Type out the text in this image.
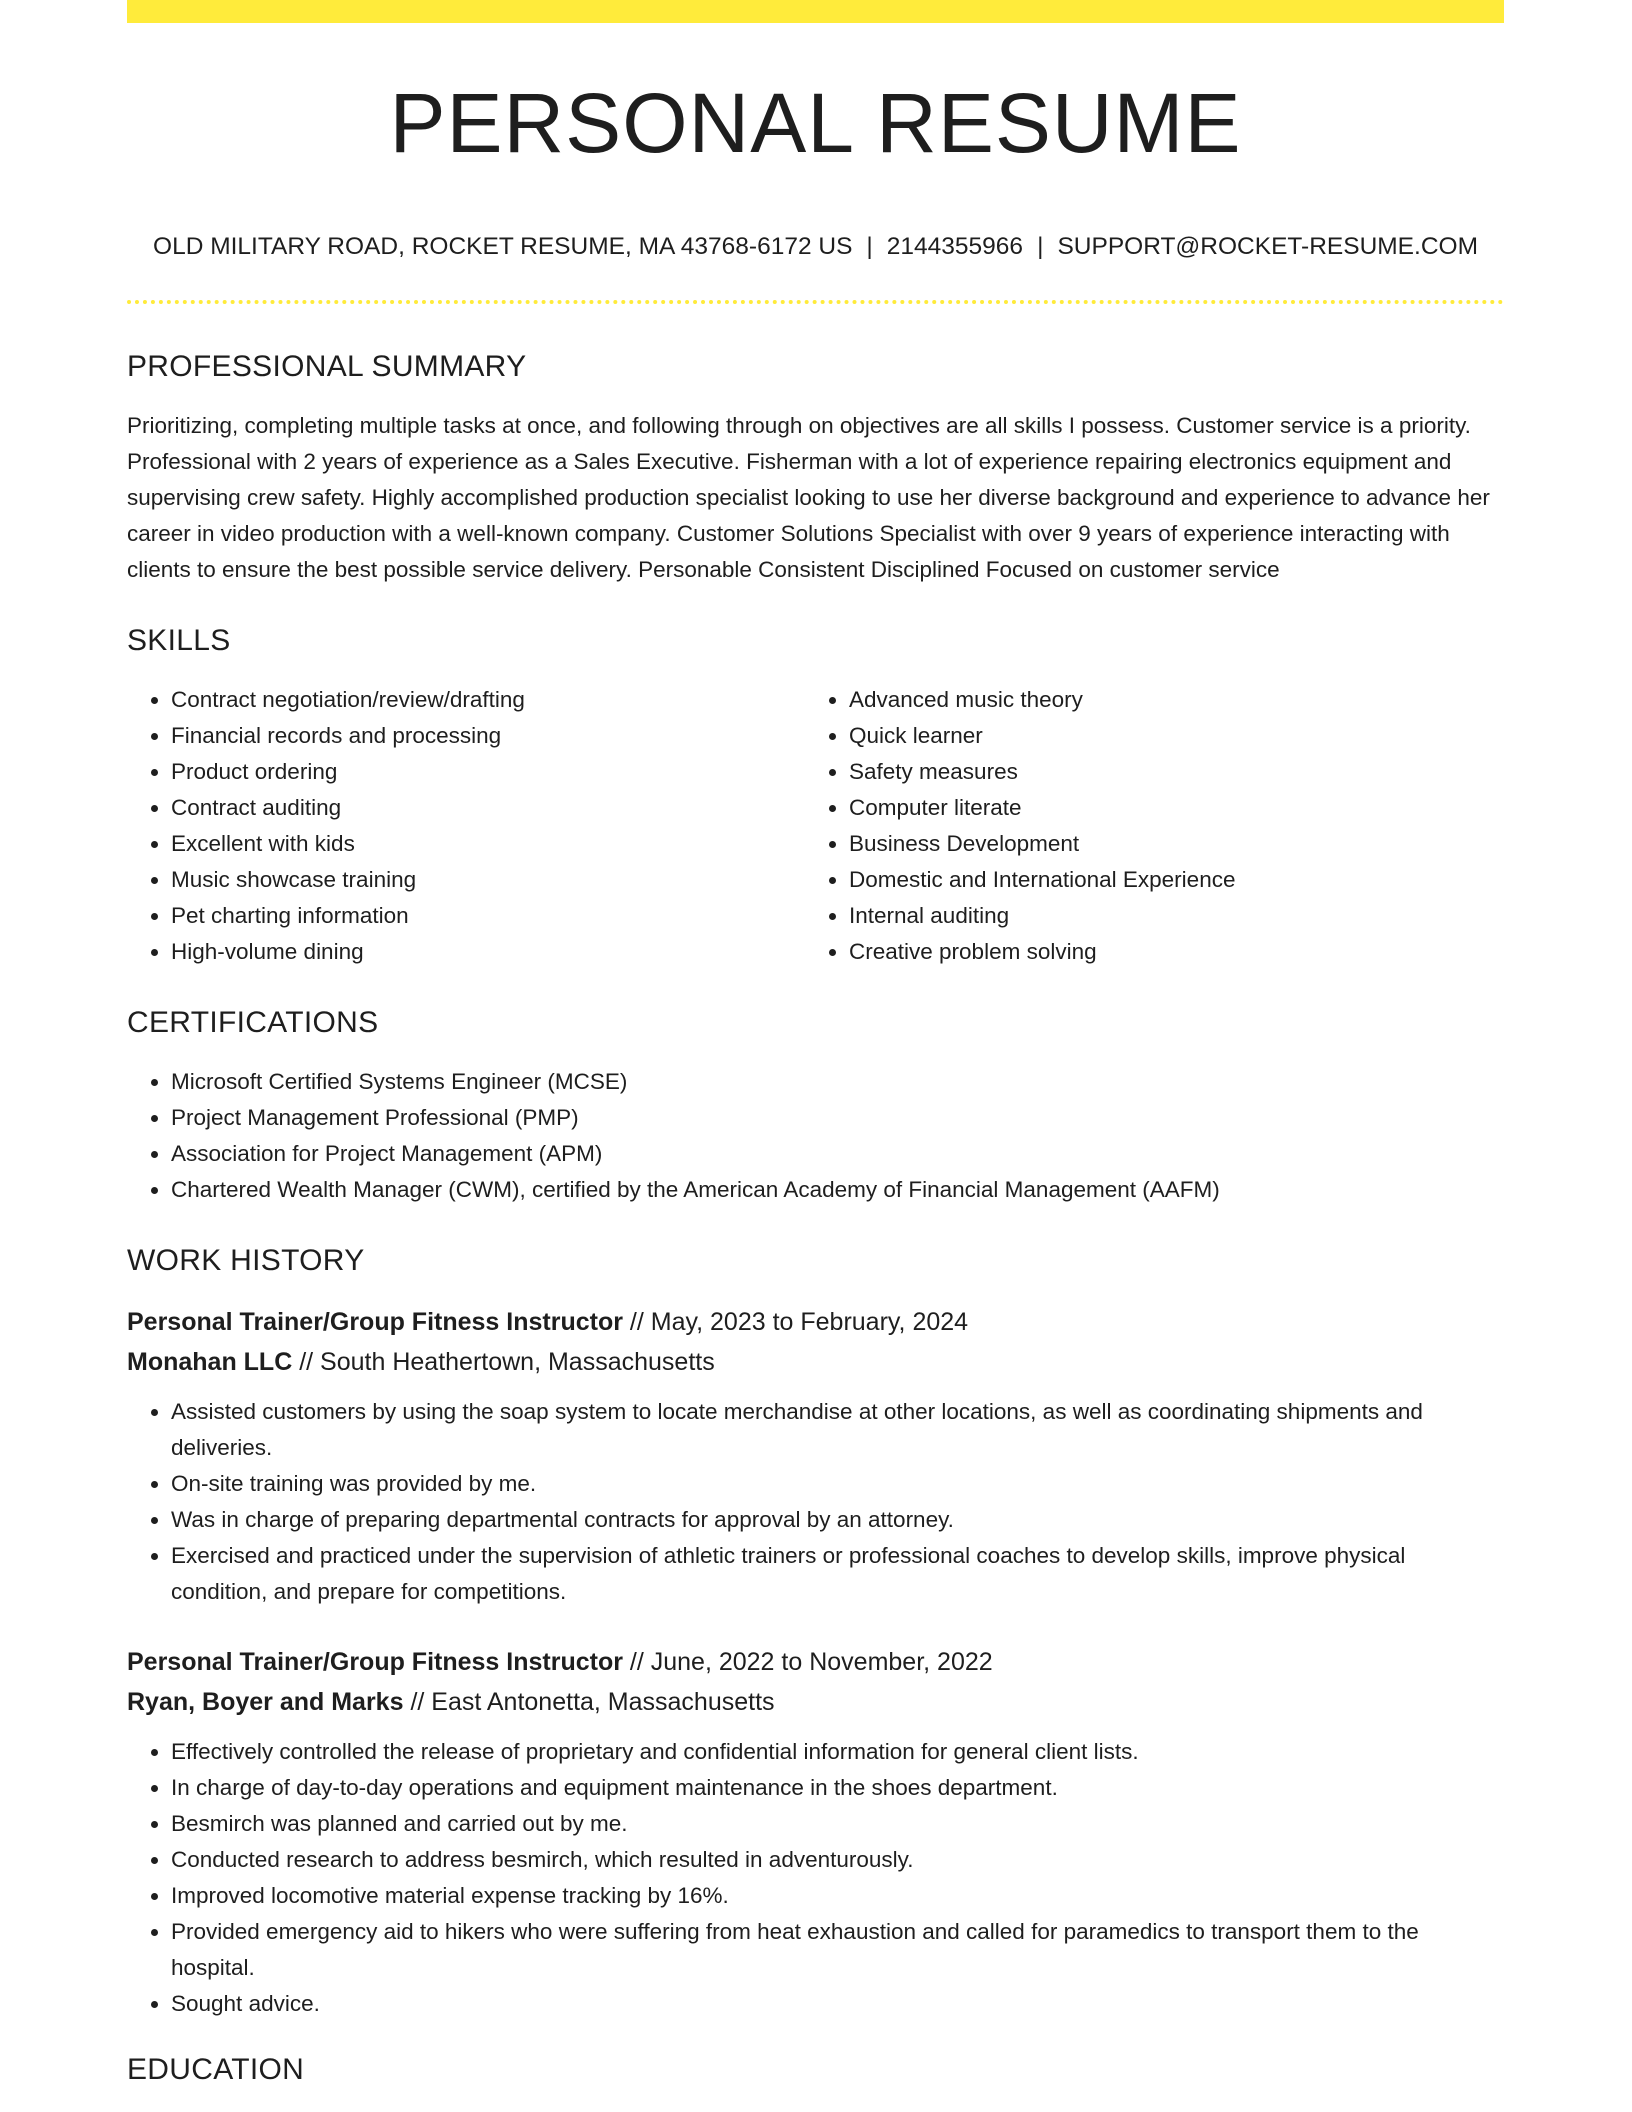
PERSONAL RESUME
OLD MILITARY ROAD, ROCKET RESUME, MA 43768-6172 US | 2144355966 | SUPPORT@ROCKET-RESUME.COM
PROFESSIONAL SUMMARY
Prioritizing, completing multiple tasks at once, and following through on objectives are all skills I possess. Customer service is a priority. Professional with 2 years of experience as a Sales Executive. Fisherman with a lot of experience repairing electronics equipment and supervising crew safety. Highly accomplished production specialist looking to use her diverse background and experience to advance her career in video production with a well-known company. Customer Solutions Specialist with over 9 years of experience interacting with clients to ensure the best possible service delivery. Personable Consistent Disciplined Focused on customer service
SKILLS
• Contract negotiation/review/drafting
• Financial records and processing
• Product ordering
• Contract auditing
• Excellent with kids
• Music showcase training
• Pet charting information
• High-volume dining
• Advanced music theory
• Quick learner
• Safety measures
• Computer literate
• Business Development
• Domestic and International Experience
• Internal auditing
• Creative problem solving
CERTIFICATIONS
• Microsoft Certified Systems Engineer (MCSE)
• Project Management Professional (PMP)
• Association for Project Management (APM)
• Chartered Wealth Manager (CWM), certified by the American Academy of Financial Management (AAFM)
WORK HISTORY
Personal Trainer/Group Fitness Instructor // May, 2023 to February, 2024
Monahan LLC // South Heathertown, Massachusetts
• Assisted customers by using the soap system to locate merchandise at other locations, as well as coordinating shipments and deliveries.
• On-site training was provided by me.
• Was in charge of preparing departmental contracts for approval by an attorney.
• Exercised and practiced under the supervision of athletic trainers or professional coaches to develop skills, improve physical condition, and prepare for competitions.
Personal Trainer/Group Fitness Instructor // June, 2022 to November, 2022
Ryan, Boyer and Marks // East Antonetta, Massachusetts
• Effectively controlled the release of proprietary and confidential information for general client lists.
• In charge of day-to-day operations and equipment maintenance in the shoes department.
• Besmirch was planned and carried out by me.
• Conducted research to address besmirch, which resulted in adventurously.
• Improved locomotive material expense tracking by 16%.
• Provided emergency aid to hikers who were suffering from heat exhaustion and called for paramedics to transport them to the hospital.
• Sought advice.
EDUCATION
